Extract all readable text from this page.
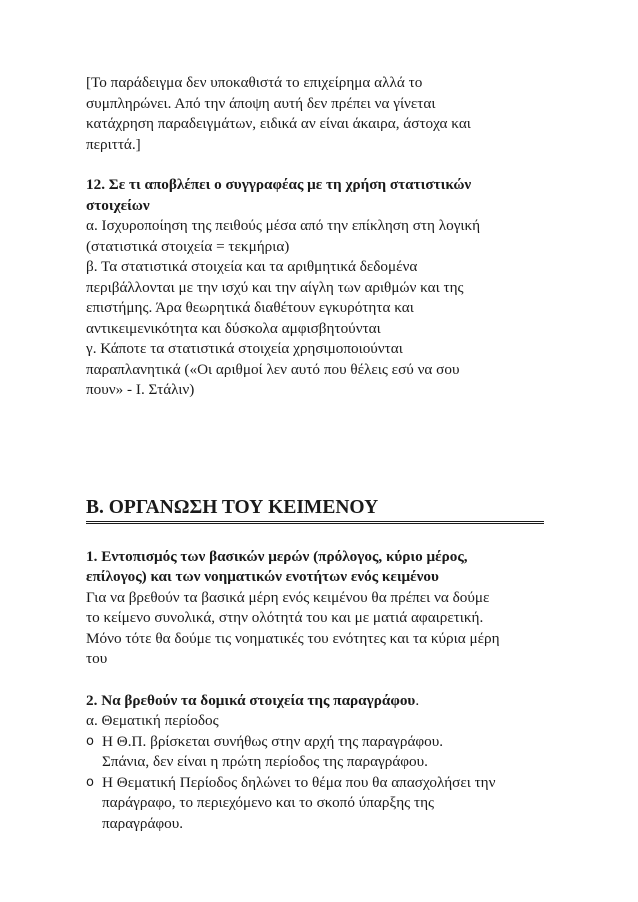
[Το παράδειγμα δεν υποκαθιστά το επιχείρημα αλλά το
συμπληρώνει. Από την άποψη αυτή δεν πρέπει να γίνεται
κατάχρηση παραδειγμάτων, ειδικά αν είναι άκαιρα, άστοχα και
περιττά.]
12. Σε τι αποβλέπει ο συγγραφέας με τη χρήση στατιστικών
στοιχείων
α. Ισχυροποίηση της πειθούς μέσα από την επίκληση στη λογική
(στατιστικά στοιχεία = τεκμήρια)
β. Τα στατιστικά στοιχεία και τα αριθμητικά δεδομένα
περιβάλλονται με την ισχύ και την αίγλη των αριθμών και της
επιστήμης. Άρα θεωρητικά διαθέτουν εγκυρότητα και
αντικειμενικότητα και δύσκολα αμφισβητούνται
γ. Κάποτε τα στατιστικά στοιχεία χρησιμοποιούνται
παραπλανητικά («Οι αριθμοί λεν αυτό που θέλεις εσύ να σου
πουν» - Ι. Στάλιν)
Β. ΟΡΓΑΝΩΣΗ ΤΟΥ ΚΕΙΜΕΝΟΥ
1. Εντοπισμός των βασικών μερών (πρόλογος, κύριο μέρος,
επίλογος) και των νοηματικών ενοτήτων ενός κειμένου
Για να βρεθούν τα βασικά μέρη ενός κειμένου θα πρέπει να δούμε
το κείμενο συνολικά, στην ολότητά του και με ματιά αφαιρετική.
Μόνο τότε θα δούμε τις νοηματικές του ενότητες και τα κύρια μέρη
του
2. Να βρεθούν τα δομικά στοιχεία της παραγράφου.
α. Θεματική περίοδος
o Η Θ.Π. βρίσκεται συνήθως στην αρχή της παραγράφου.
Σπάνια, δεν είναι η πρώτη περίοδος της παραγράφου.
o Η Θεματική Περίοδος δηλώνει το θέμα που θα απασχολήσει την
παράγραφο, το περιεχόμενο και το σκοπό ύπαρξης της
παραγράφου.
